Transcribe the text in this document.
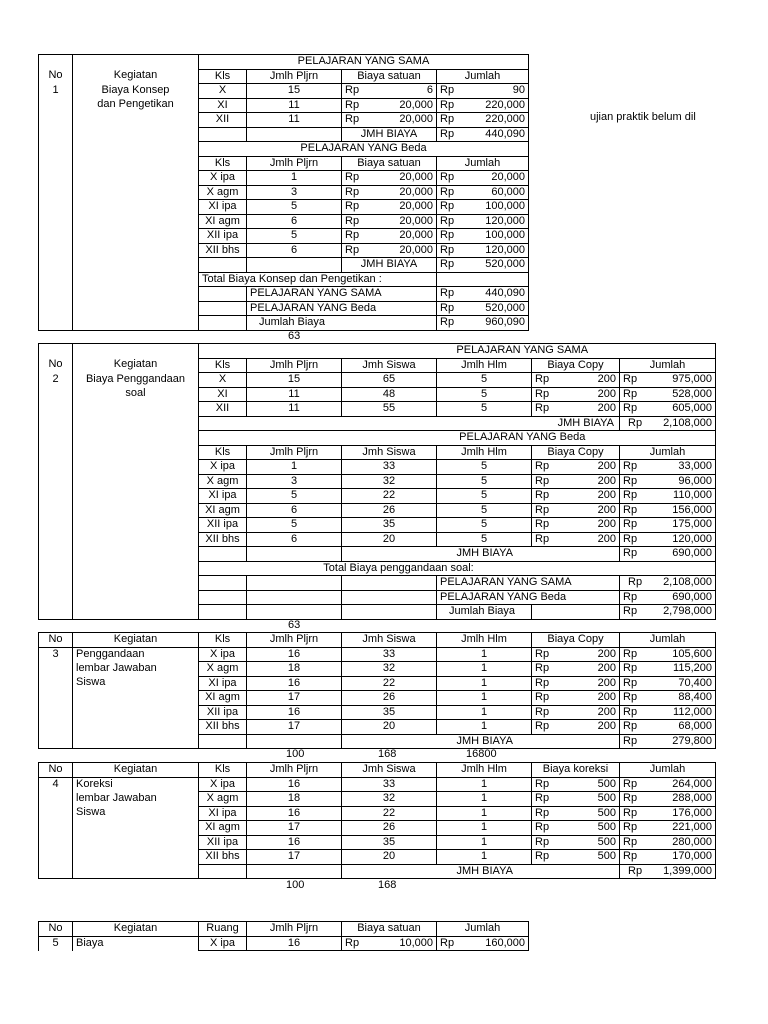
		PELAJARAN YANG SAMA			
No	Kegiatan	Kls	Jmlh Pljrn	Biaya satuan	Jumlah
1	Biaya Konsep	X	15	Rp 6	Rp 90

	dan Pengetikan	XI	11	Rp 20,000	Rp 220,000

		XII	11	Rp 20,000	Rp 220,000

				JMH BIAYA	Rp 440,090

		PELAJARAN YANG Beda			
		Kls	Jmlh Pljrn	Biaya satuan	Jumlah
		X ipa	1	Rp 20,000	Rp 20,000

		X agm	3	Rp 20,000	Rp 60,000

		XI ipa	5	Rp 20,000	Rp 100,000

		XI agm	6	Rp 20,000	Rp 120,000

		XII ipa	5	Rp 20,000	Rp 100,000

		XII bhs	6	Rp 20,000	Rp 120,000

				JMH BIAYA	Rp 520,000

		Total Biaya Konsep dan Pengetikan :			
			PELAJARAN YANG SAMA		Rp 440,090

			PELAJARAN YANG Beda		Rp 520,000

			Jumlah Biaya		Rp 960,090
ujian praktik belum dil
63
					PELAJARAN YANG SAMA		
No	Kegiatan	Kls	Jmlh Pljrn	Jmh Siswa	Jmlh Hlm	Biaya Copy	Jumlah
2	Biaya Penggandaan	X	15	65	5	Rp 200	Rp 975,000

	soal	XI	11	48	5	Rp 200	Rp 528,000

		XII	11	55	5	Rp 200	Rp 605,000

					JMH BIAYA		Rp 2,108,000

					PELAJARAN YANG Beda		
		Kls	Jmlh Pljrn	Jmh Siswa	Jmlh Hlm	Biaya Copy	Jumlah
		X ipa	1	33	5	Rp 200	Rp 33,000

		X agm	3	32	5	Rp 200	Rp 96,000

		XI ipa	5	22	5	Rp 200	Rp 110,000

		XI agm	6	26	5	Rp 200	Rp 156,000

		XII ipa	5	35	5	Rp 200	Rp 175,000

		XII bhs	6	20	5	Rp 200	Rp 120,000

					JMH BIAYA		Rp 690,000

		Total Biaya penggandaan soal:					
					PELAJARAN YANG SAMA		Rp 2,108,000

					PELAJARAN YANG Beda		Rp 690,000

					Jumlah Biaya		Rp 2,798,000
63
No	Kegiatan	Kls	Jmlh Pljrn	Jmh Siswa	Jmlh Hlm	Biaya Copy	Jumlah
3	Penggandaan	X ipa	16	33	1	Rp 200	Rp 105,600

	lembar Jawaban	X agm	18	32	1	Rp 200	Rp 115,200

	Siswa	XI ipa	16	22	1	Rp 200	Rp 70,400

		XI agm	17	26	1	Rp 200	Rp 88,400

		XII ipa	16	35	1	Rp 200	Rp 112,000

		XII bhs	17	20	1	Rp 200	Rp 68,000

					JMH BIAYA		Rp 279,800
100	168	16800
No	Kegiatan	Kls	Jmlh Pljrn	Jmh Siswa	Jmlh Hlm	Biaya koreksi	Jumlah
4	Koreksi	X ipa	16	33	1	Rp 500	Rp 264,000

	lembar Jawaban	X agm	18	32	1	Rp 500	Rp 288,000

	Siswa	XI ipa	16	22	1	Rp 500	Rp 176,000

		XI agm	17	26	1	Rp 500	Rp 221,000

		XII ipa	16	35	1	Rp 500	Rp 280,000

		XII bhs	17	20	1	Rp 500	Rp 170,000

					JMH BIAYA		Rp 1,399,000
100	168
No	Kegiatan	Ruang	Jmlh Pljrn	Biaya satuan	Jumlah
5	Biaya	X ipa	16	Rp 10,000	Rp 160,000
